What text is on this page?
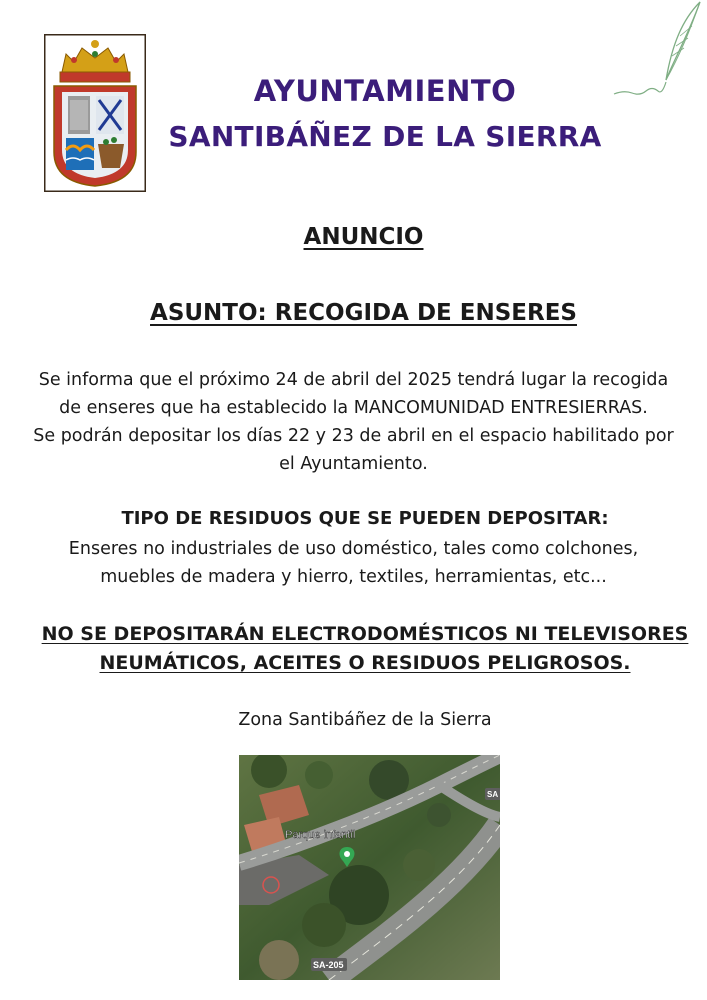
AYUNTAMIENTO
SANTIBÁÑEZ DE LA SIERRA
ANUNCIO
ASUNTO: RECOGIDA DE ENSERES
Se informa que el próximo 24 de abril del 2025 tendrá lugar la recogida
de enseres que ha establecido la MANCOMUNIDAD ENTRESIERRAS.
Se podrán depositar los días 22 y 23 de abril en el espacio habilitado por
el Ayuntamiento.
TIPO DE RESIDUOS QUE SE PUEDEN DEPOSITAR:
Enseres no industriales de uso doméstico, tales como colchones,
muebles de madera y hierro, textiles, herramientas, etc...
NO SE DEPOSITARÁN ELECTRODOMÉSTICOS NI TELEVISORES
NEUMÁTICOS, ACEITES O RESIDUOS PELIGROSOS.
Zona Santibáñez de la Sierra
Parque infantil
SA-205
SA
